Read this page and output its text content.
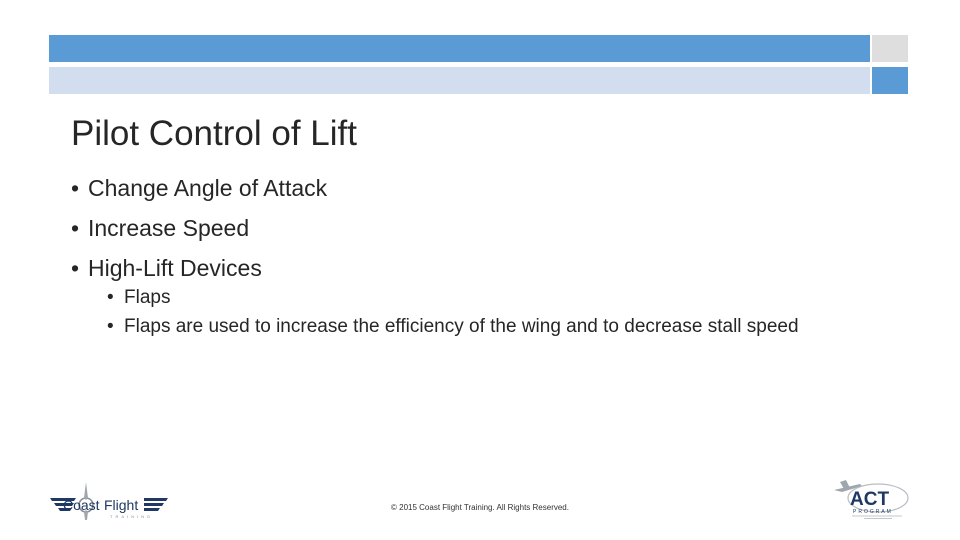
Pilot Control of Lift
• Change Angle of Attack
• Increase Speed
• High-Lift Devices
• Flaps
• Flaps are used to increase the efficiency of the wing and to decrease stall speed
Coast Flight
TRAINING
© 2015 Coast Flight Training. All Rights Reserved.	ACT
PROGRAM
